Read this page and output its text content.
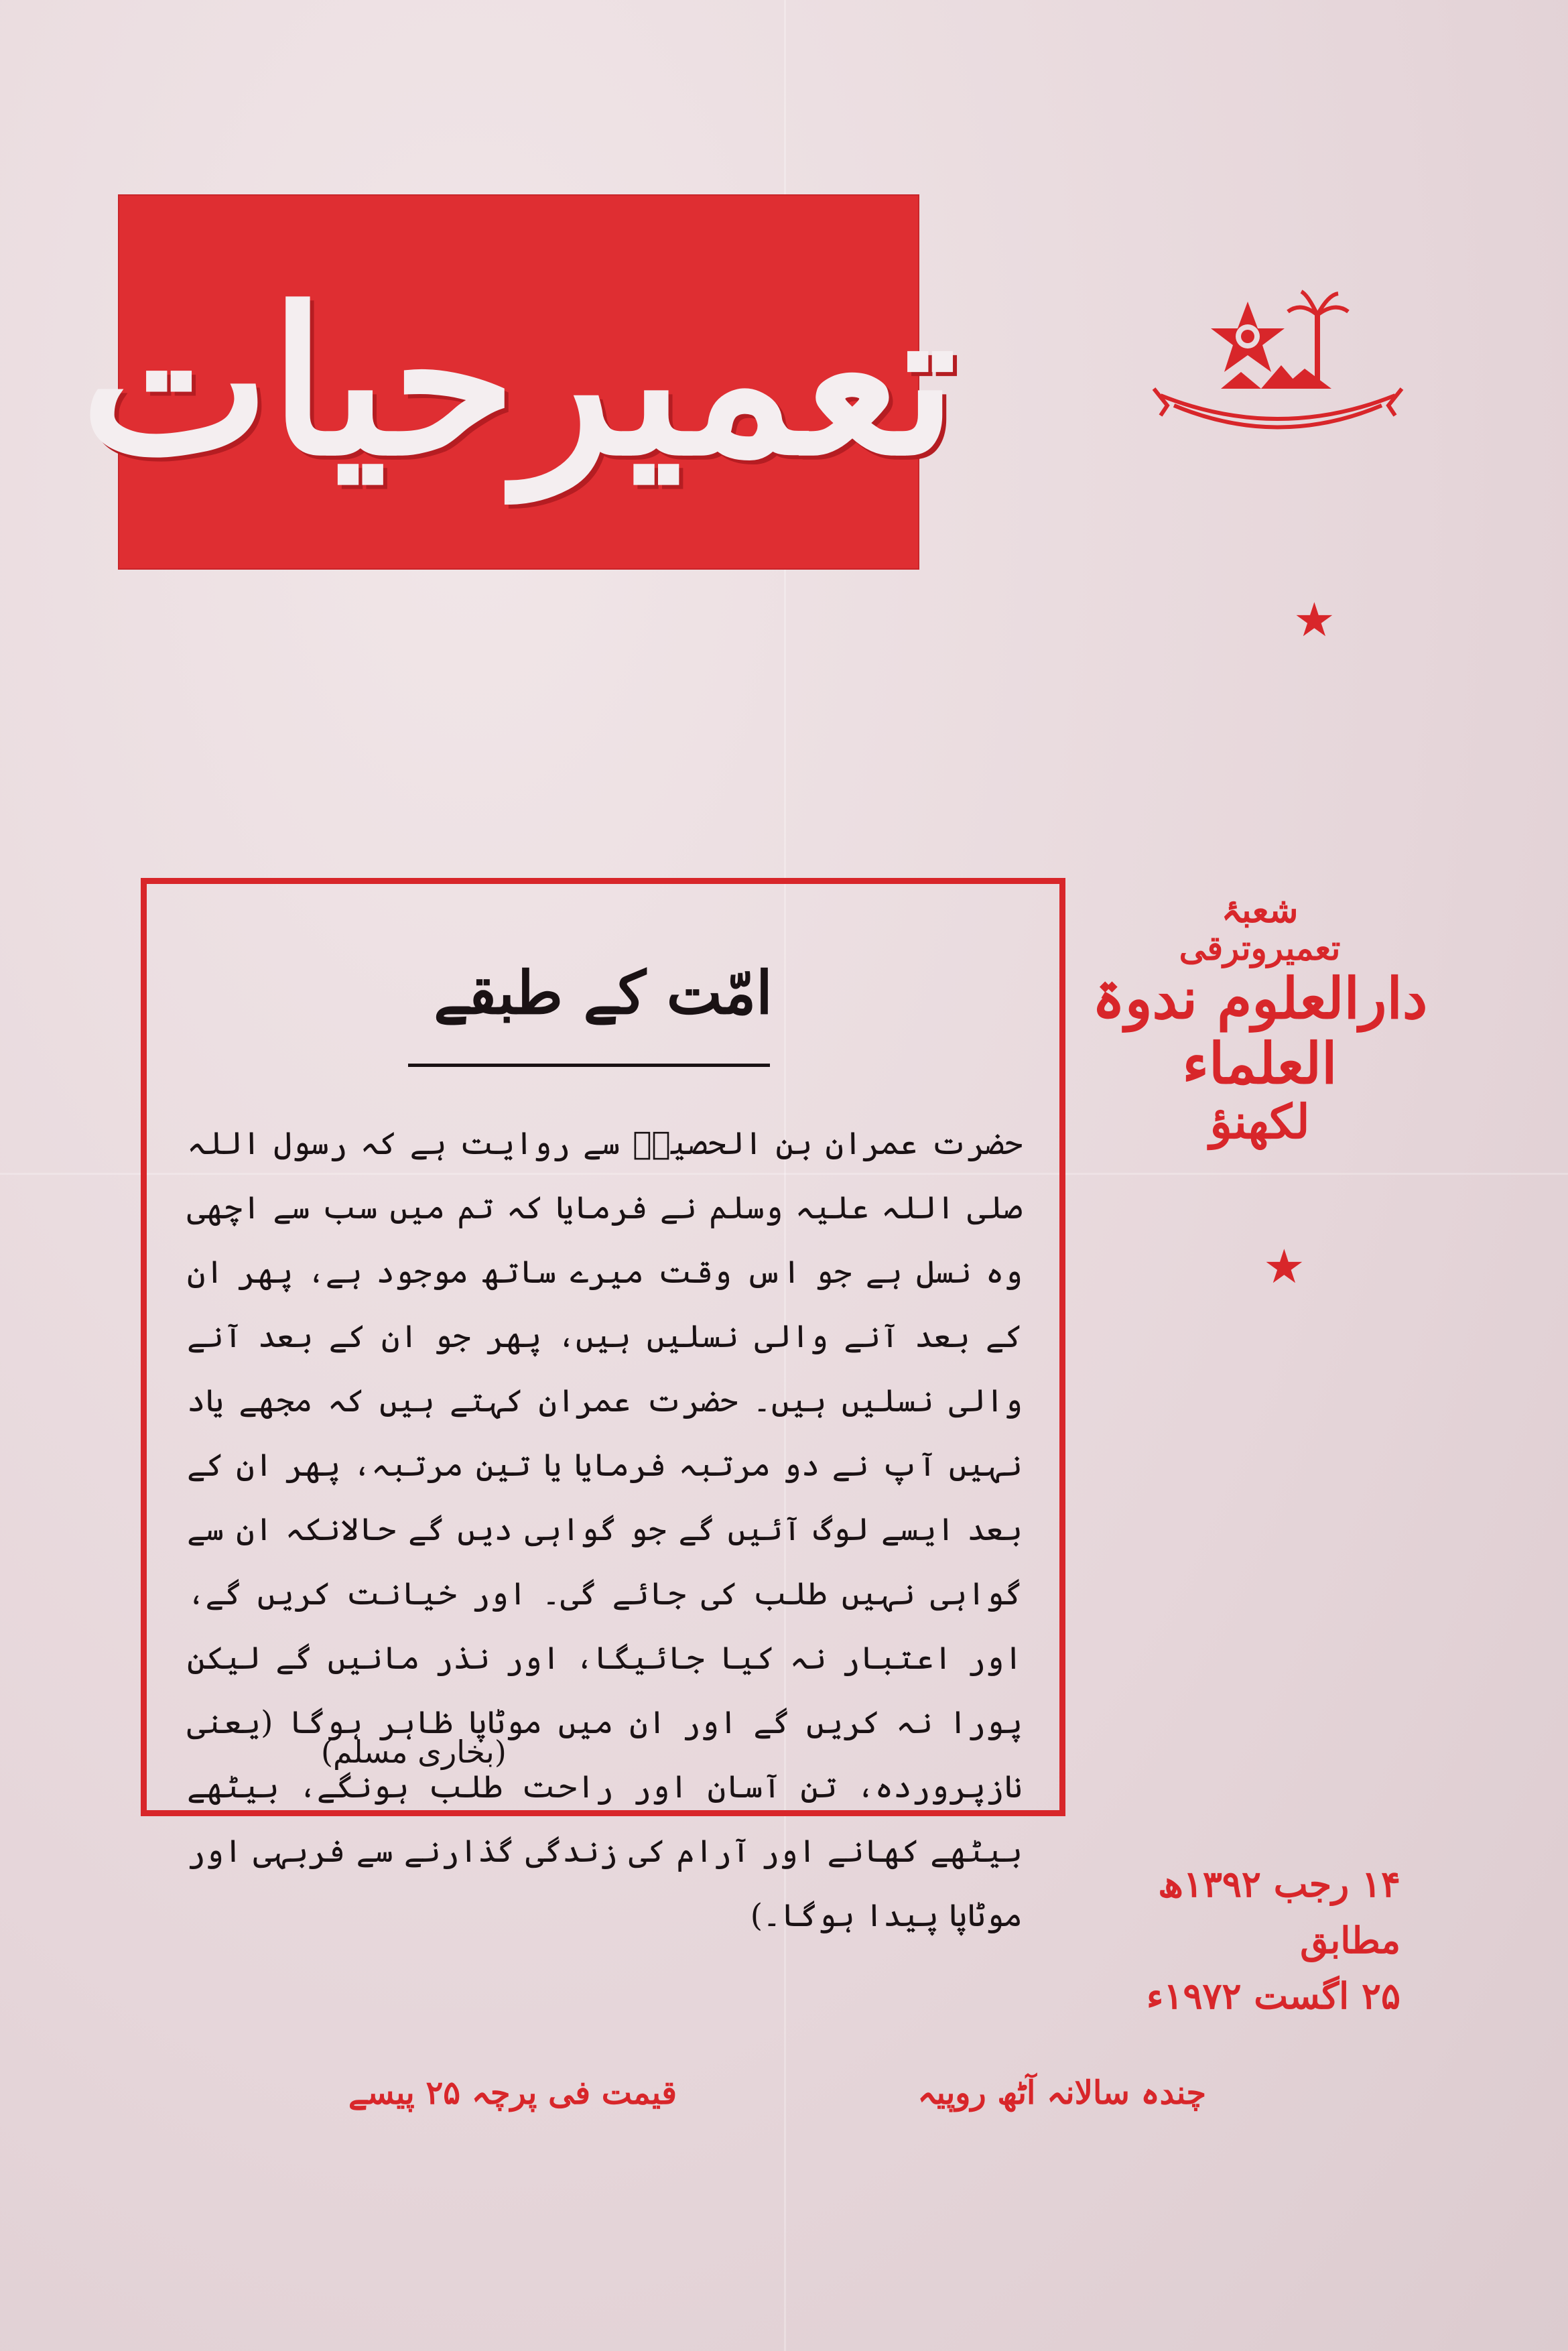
تعمیرحیات
★
★
شعبۂ
تعمیروترقی
دارالعلوم ندوۃ العلماء
لکھنؤ
امّت کے طبقے
حضرت عمران بن الحصینؓ سے روایت ہے کہ رسول اللہ صلی اللہ علیہ وسلم نے فرمایا کہ تم میں سب سے اچھی وہ نسل ہے جو اس وقت میرے ساتھ موجود ہے، پھر ان کے بعد آنے والی نسلیں ہیں، پھر جو ان کے بعد آنے والی نسلیں ہیں۔ حضرت عمران کہتے ہیں کہ مجھے یاد نہیں آپ نے دو مرتبہ فرمایا یا تین مرتبہ، پھر ان کے بعد ایسے لوگ آئیں گے جو گواہی دیں گے حالانکہ ان سے گواہی نہیں طلب کی جائے گی۔ اور خیانت کریں گے، اور اعتبار نہ کیا جائیگا، اور نذر مانیں گے لیکن پورا نہ کریں گے اور ان میں موٹاپا ظاہر ہوگا (یعنی نازپروردہ، تن آسان اور راحت طلب ہونگے، بیٹھے بیٹھے کھانے اور آرام کی زندگی گذارنے سے فربہی اور موٹاپا پیدا ہوگا۔)
(بخاری مسلم)
۱۴ رجب ۱۳۹۲ھ
مطابق
۲۵ اگست ۱۹۷۲ء
چندہ سالانہ آٹھ روپیہ
قیمت فی پرچہ ۲۵ پیسے
